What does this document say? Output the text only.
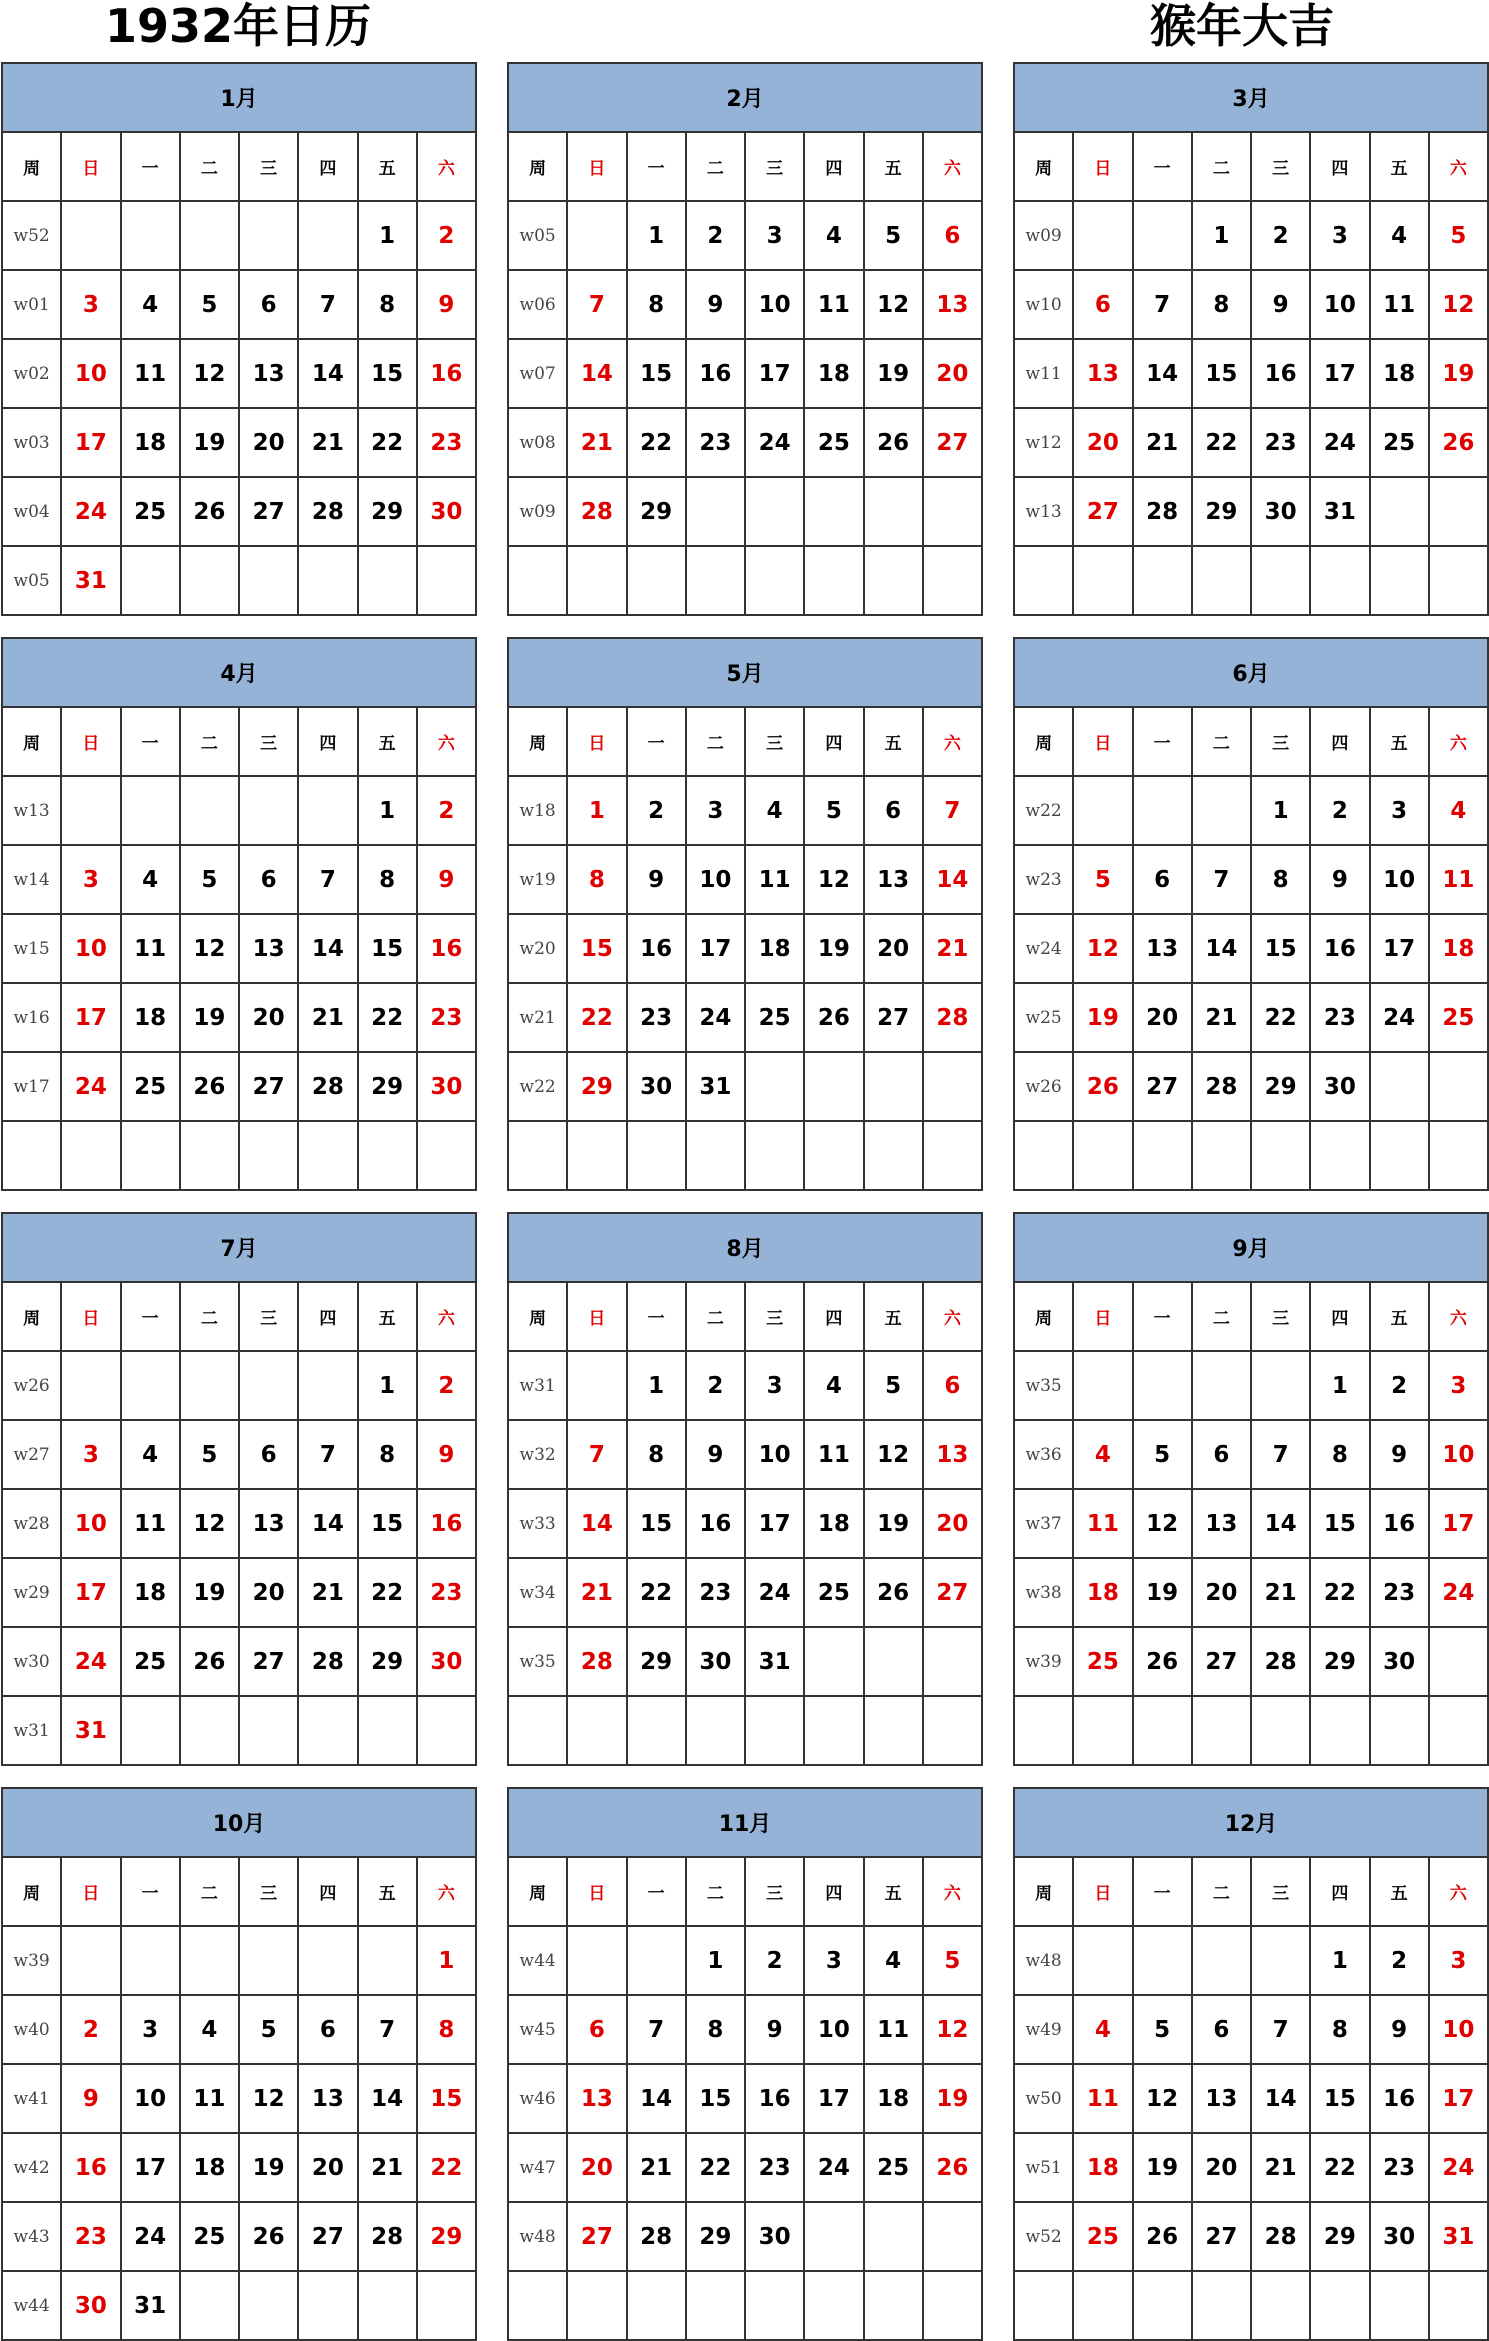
1932年日历	猴年大吉
1月							
周	日	一	二	三	四	五	六
w52						1	2
w01	3	4	5	6	7	8	9
w02	10	11	12	13	14	15	16
w03	17	18	19	20	21	22	23
w04	24	25	26	27	28	29	30
w05	31						
2月							
周	日	一	二	三	四	五	六
w05		1	2	3	4	5	6
w06	7	8	9	10	11	12	13
w07	14	15	16	17	18	19	20
w08	21	22	23	24	25	26	27
w09	28	29					

3月							
周	日	一	二	三	四	五	六
w09			1	2	3	4	5
w10	6	7	8	9	10	11	12
w11	13	14	15	16	17	18	19
w12	20	21	22	23	24	25	26
w13	27	28	29	30	31		

4月							
周	日	一	二	三	四	五	六
w13						1	2
w14	3	4	5	6	7	8	9
w15	10	11	12	13	14	15	16
w16	17	18	19	20	21	22	23
w17	24	25	26	27	28	29	30

5月							
周	日	一	二	三	四	五	六
w18	1	2	3	4	5	6	7
w19	8	9	10	11	12	13	14
w20	15	16	17	18	19	20	21
w21	22	23	24	25	26	27	28
w22	29	30	31				

6月							
周	日	一	二	三	四	五	六
w22				1	2	3	4
w23	5	6	7	8	9	10	11
w24	12	13	14	15	16	17	18
w25	19	20	21	22	23	24	25
w26	26	27	28	29	30		

7月							
周	日	一	二	三	四	五	六
w26						1	2
w27	3	4	5	6	7	8	9
w28	10	11	12	13	14	15	16
w29	17	18	19	20	21	22	23
w30	24	25	26	27	28	29	30
w31	31						
8月							
周	日	一	二	三	四	五	六
w31		1	2	3	4	5	6
w32	7	8	9	10	11	12	13
w33	14	15	16	17	18	19	20
w34	21	22	23	24	25	26	27
w35	28	29	30	31			

9月							
周	日	一	二	三	四	五	六
w35					1	2	3
w36	4	5	6	7	8	9	10
w37	11	12	13	14	15	16	17
w38	18	19	20	21	22	23	24
w39	25	26	27	28	29	30	

10月							
周	日	一	二	三	四	五	六
w39							1
w40	2	3	4	5	6	7	8
w41	9	10	11	12	13	14	15
w42	16	17	18	19	20	21	22
w43	23	24	25	26	27	28	29
w44	30	31					
11月							
周	日	一	二	三	四	五	六
w44			1	2	3	4	5
w45	6	7	8	9	10	11	12
w46	13	14	15	16	17	18	19
w47	20	21	22	23	24	25	26
w48	27	28	29	30			

12月							
周	日	一	二	三	四	五	六
w48					1	2	3
w49	4	5	6	7	8	9	10
w50	11	12	13	14	15	16	17
w51	18	19	20	21	22	23	24
w52	25	26	27	28	29	30	31
